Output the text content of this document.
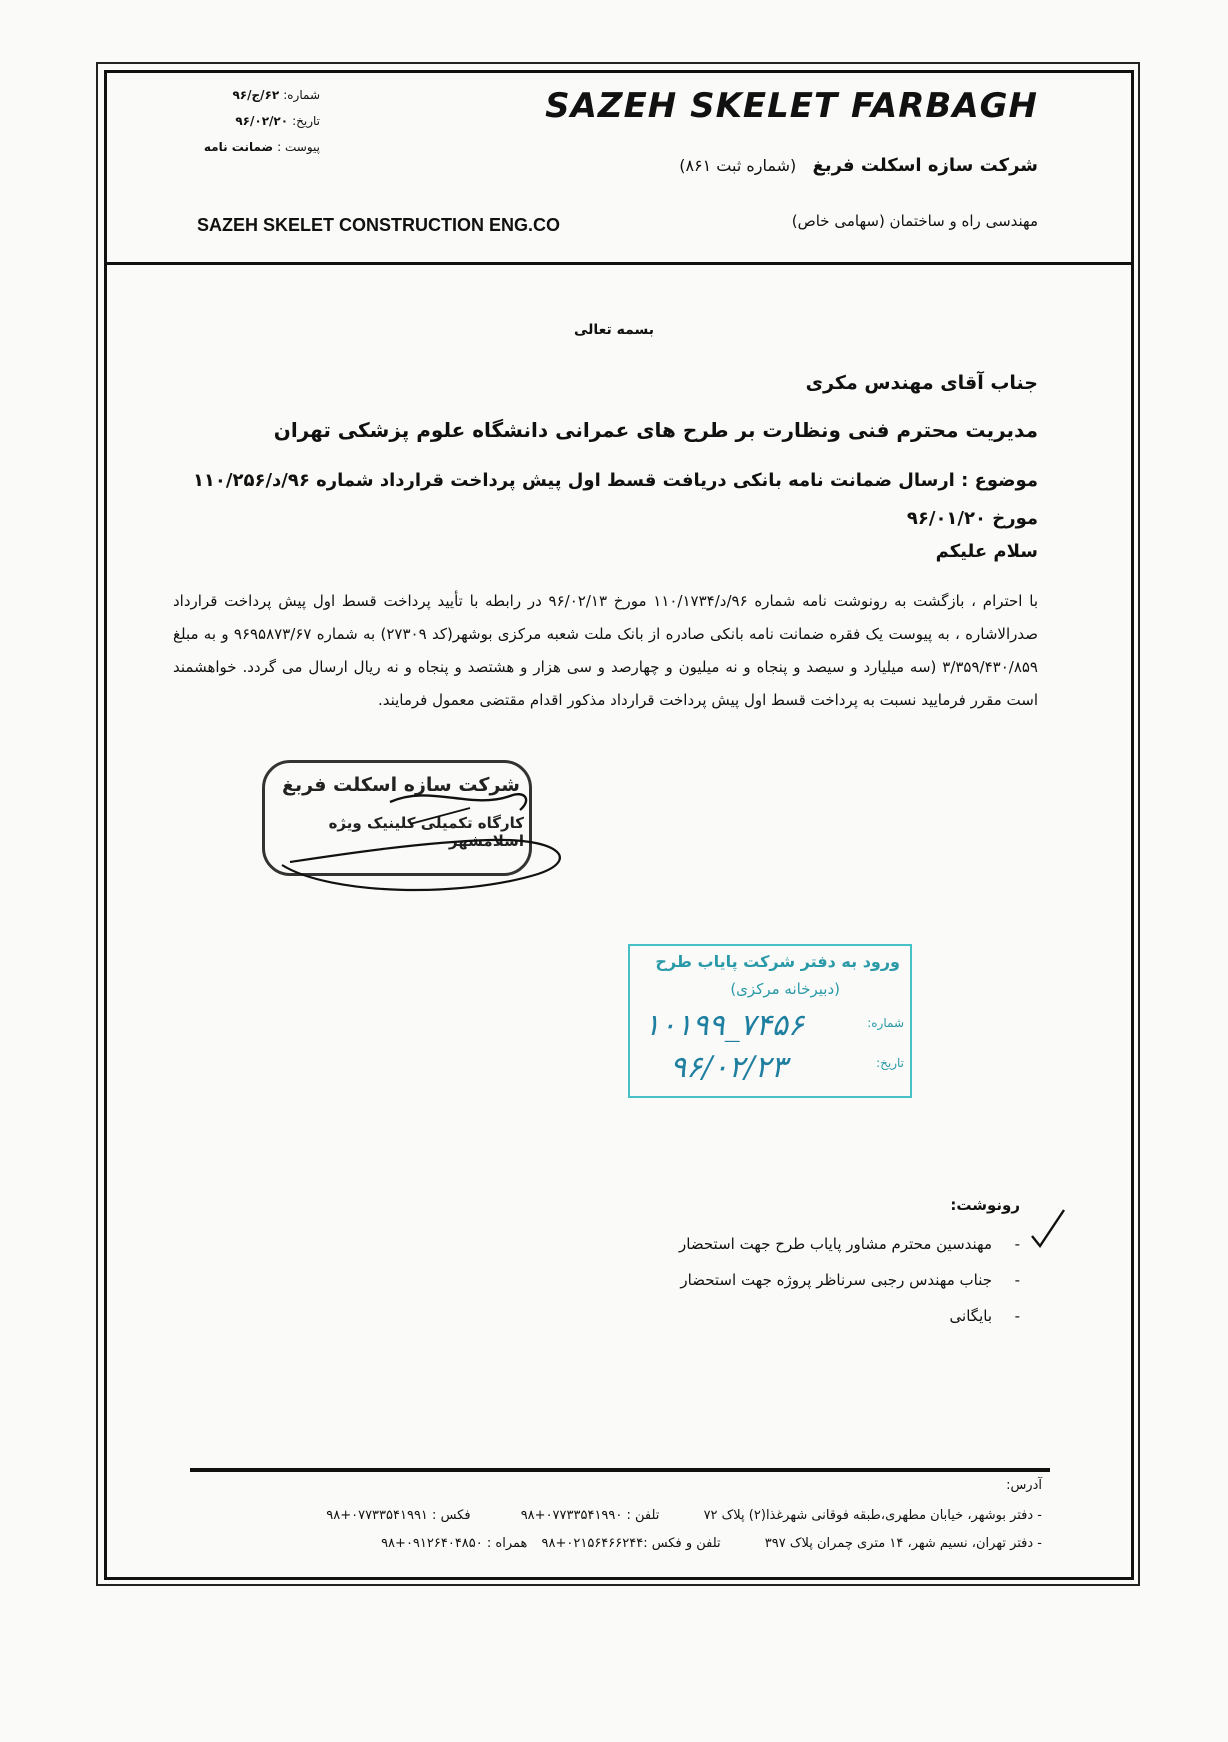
SAZEH SKELET FARBAGH
شرکت سازه اسکلت فربغ (شماره ثبت ۸۶۱)
مهندسی راه و ساختمان (سهامی خاص)
SAZEH SKELET CONSTRUCTION ENG.CO
شماره:۶۲/ج/۹۶
تاریخ:۹۶/۰۲/۲۰
پیوست :ضمانت نامه
بسمه تعالی
جناب آقای مهندس مکری
مدیریت محترم فنی ونظارت بر طرح های عمرانی دانشگاه علوم پزشکی تهران
موضوع : ارسال ضمانت نامه بانکی دریافت قسط اول پیش پرداخت قرارداد شماره ۹۶/د/۱۱۰/۲۵۶ مورخ ۹۶/۰۱/۲۰
سلام علیکم
با احترام ، بازگشت به رونوشت نامه شماره ۹۶/د/۱۱۰/۱۷۳۴ مورخ ۹۶/۰۲/۱۳ در رابطه با تأیید پرداخت قسط اول پیش پرداخت قرارداد صدرالاشاره ، به پیوست یک فقره ضمانت نامه بانکی صادره از بانک ملت شعبه مرکزی بوشهر(کد ۲۷۳۰۹) به شماره ۹۶۹۵۸۷۳/۶۷ و به مبلغ ۳/۳۵۹/۴۳۰/۸۵۹ (سه میلیارد و سیصد و پنجاه و نه میلیون و چهارصد و سی هزار و هشتصد و پنجاه و نه ریال ارسال می گردد. خواهشمند است مقرر فرمایید نسبت به پرداخت قسط اول پیش پرداخت قرارداد مذکور اقدام مقتضی معمول فرمایند.
شرکت سازه اسکلت فربغ
کارگاه تکمیلی کلینیک ویژه اسلامشهر
ورود به دفتر شرکت پایاب طرح
(دبیرخانه مرکزی)
شماره:
تاریخ:
۱۰۱۹۹_۷۴۵۶
۹۶/۰۲/۲۳
رونوشت:
-مهندسین محترم مشاور پایاب طرح جهت استحضار
-جناب مهندس رجبی سرناظر پروژه جهت استحضار
-بایگانی
آدرس:
- دفتر بوشهر، خیابان مطهری،طبقه فوقانی شهرغذا(۲) پلاک ۷۲ تلفن : ۰۷۷۳۳۵۴۱۹۹۰+۹۸ فکس : ۰۷۷۳۳۵۴۱۹۹۱+۹۸
- دفتر تهران، نسیم شهر، ۱۴ متری چمران پلاک ۳۹۷ تلفن و فکس :۰۲۱۵۶۴۶۶۲۴۴+۹۸ همراه : ۰۹۱۲۶۴۰۴۸۵۰+۹۸
